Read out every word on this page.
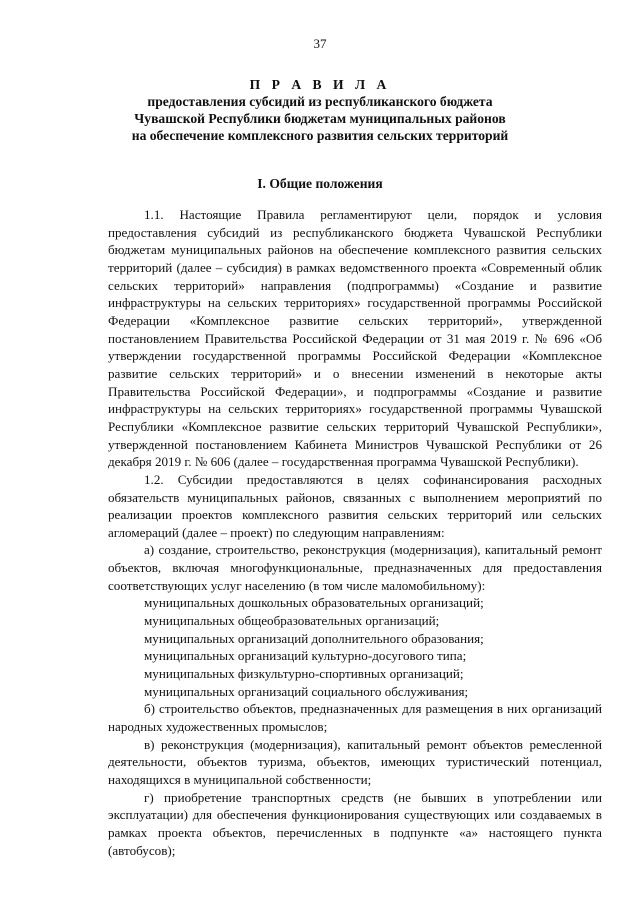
37
П Р А В И Л А
предоставления субсидий из республиканского бюджета
Чувашской Республики бюджетам муниципальных районов
на обеспечение комплексного развития сельских территорий
I. Общие положения

1.1. Настоящие Правила регламентируют цели, порядок и условия предоставления субсидий из республиканского бюджета Чувашской Республики бюджетам муниципальных районов на обеспечение комплексного развития сельских территорий (далее – субсидия) в рамках ведомственного проекта «Современный облик сельских территорий» направления (подпрограммы) «Создание и развитие инфраструктуры на сельских территориях» государственной программы Российской Федерации «Комплексное развитие сельских территорий», утвержденной постановлением Правительства Российской Федерации от 31 мая 2019 г. № 696 «Об утверждении государственной программы Российской Федерации «Комплексное развитие сельских территорий» и о внесении изменений в некоторые акты Правительства Российской Федерации», и подпрограммы «Создание и развитие инфраструктуры на сельских территориях» государственной программы Чувашской Республики «Комплексное развитие сельских территорий Чувашской Республики», утвержденной постановлением Кабинета Министров Чувашской Республики от 26 декабря 2019 г. № 606 (далее – государственная программа Чувашской Республики).

1.2. Субсидии предоставляются в целях софинансирования расходных обязательств муниципальных районов, связанных с выполнением мероприятий по реализации проектов комплексного развития сельских территорий или сельских агломераций (далее – проект) по следующим направлениям:

а) создание, строительство, реконструкция (модернизация), капитальный ремонт объектов, включая многофункциональные, предназначенных для предоставления соответствующих услуг населению (в том числе маломобильному):

муниципальных дошкольных образовательных организаций;

муниципальных общеобразовательных организаций;

муниципальных организаций дополнительного образования;

муниципальных организаций культурно-досугового типа;

муниципальных физкультурно-спортивных организаций;

муниципальных организаций социального обслуживания;

б) строительство объектов, предназначенных для размещения в них организаций народных художественных промыслов;

в) реконструкция (модернизация), капитальный ремонт объектов ремесленной деятельности, объектов туризма, объектов, имеющих туристический потенциал, находящихся в муниципальной собственности;

г) приобретение транспортных средств (не бывших в употреблении или эксплуатации) для обеспечения функционирования существующих или создаваемых в рамках проекта объектов, перечисленных в подпункте «а» настоящего пункта (автобусов);
